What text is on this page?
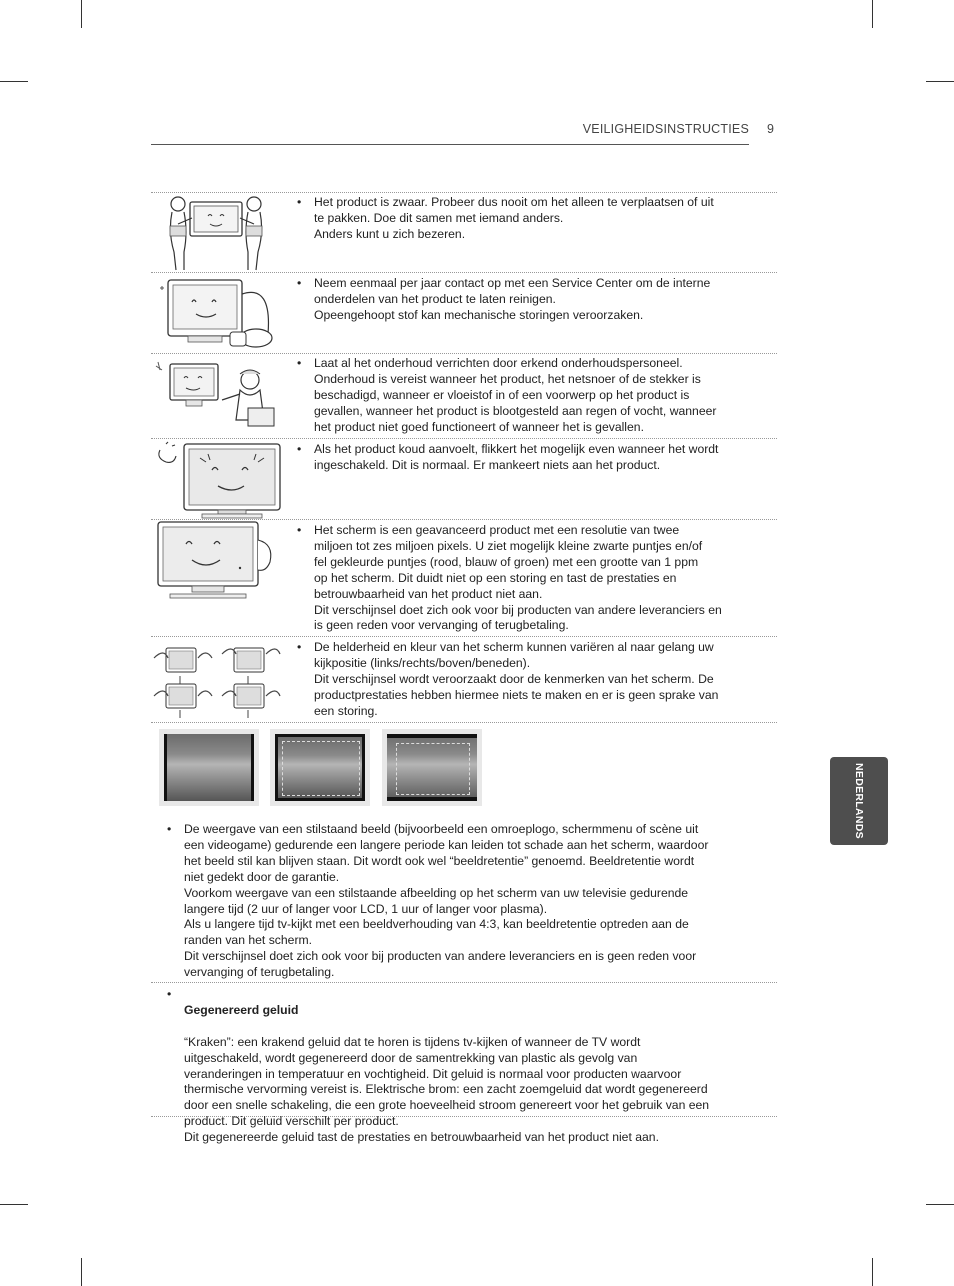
VEILIGHEIDSINSTRUCTIES 9
NEDERLANDS
• Het product is zwaar. Probeer dus nooit om het alleen te verplaatsen of uit
te pakken. Doe dit samen met iemand anders.
Anders kunt u zich bezeren.
• Neem eenmaal per jaar contact op met een Service Center om de interne
onderdelen van het product te laten reinigen.
Opeengehoopt stof kan mechanische storingen veroorzaken.
• Laat al het onderhoud verrichten door erkend onderhoudspersoneel.
Onderhoud is vereist wanneer het product, het netsnoer of de stekker is
beschadigd, wanneer er vloeistof in of een voorwerp op het product is
gevallen, wanneer het product is blootgesteld aan regen of vocht, wanneer
het product niet goed functioneert of wanneer het is gevallen.
• Als het product koud aanvoelt, flikkert het mogelijk even wanneer het wordt
ingeschakeld. Dit is normaal. Er mankeert niets aan het product.
• Het scherm is een geavanceerd product met een resolutie van twee
miljoen tot zes miljoen pixels. U ziet mogelijk kleine zwarte puntjes en/of
fel gekleurde puntjes (rood, blauw of groen) met een grootte van 1 ppm
op het scherm. Dit duidt niet op een storing en tast de prestaties en
betrouwbaarheid van het product niet aan.
Dit verschijnsel doet zich ook voor bij producten van andere leveranciers en
is geen reden voor vervanging of terugbetaling.
• De helderheid en kleur van het scherm kunnen variëren al naar gelang uw
kijkpositie (links/rechts/boven/beneden).
Dit verschijnsel wordt veroorzaakt door de kenmerken van het scherm. De
productprestaties hebben hiermee niets te maken en er is geen sprake van
een storing.
• De weergave van een stilstaand beeld (bijvoorbeeld een omroeplogo, schermmenu of scène uit
een videogame) gedurende een langere periode kan leiden tot schade aan het scherm, waardoor
het beeld stil kan blijven staan. Dit wordt ook wel “beeldretentie” genoemd. Beeldretentie wordt
niet gedekt door de garantie.
Voorkom weergave van een stilstaande afbeelding op het scherm van uw televisie gedurende
langere tijd (2 uur of langer voor LCD, 1 uur of langer voor plasma).
Als u langere tijd tv-kijkt met een beeldverhouding van 4:3, kan beeldretentie optreden aan de
randen van het scherm.
Dit verschijnsel doet zich ook voor bij producten van andere leveranciers en is geen reden voor
vervanging of terugbetaling.
•

Gegenereerd geluid

“Kraken”: een krakend geluid dat te horen is tijdens tv-kijken of wanneer de TV wordt
uitgeschakeld, wordt gegenereerd door de samentrekking van plastic als gevolg van
veranderingen in temperatuur en vochtigheid. Dit geluid is normaal voor producten waarvoor
thermische vervorming vereist is. Elektrische brom: een zacht zoemgeluid dat wordt gegenereerd
door een snelle schakeling, die een grote hoeveelheid stroom genereert voor het gebruik van een
product. Dit geluid verschilt per product.
Dit gegenereerde geluid tast de prestaties en betrouwbaarheid van het product niet aan.
